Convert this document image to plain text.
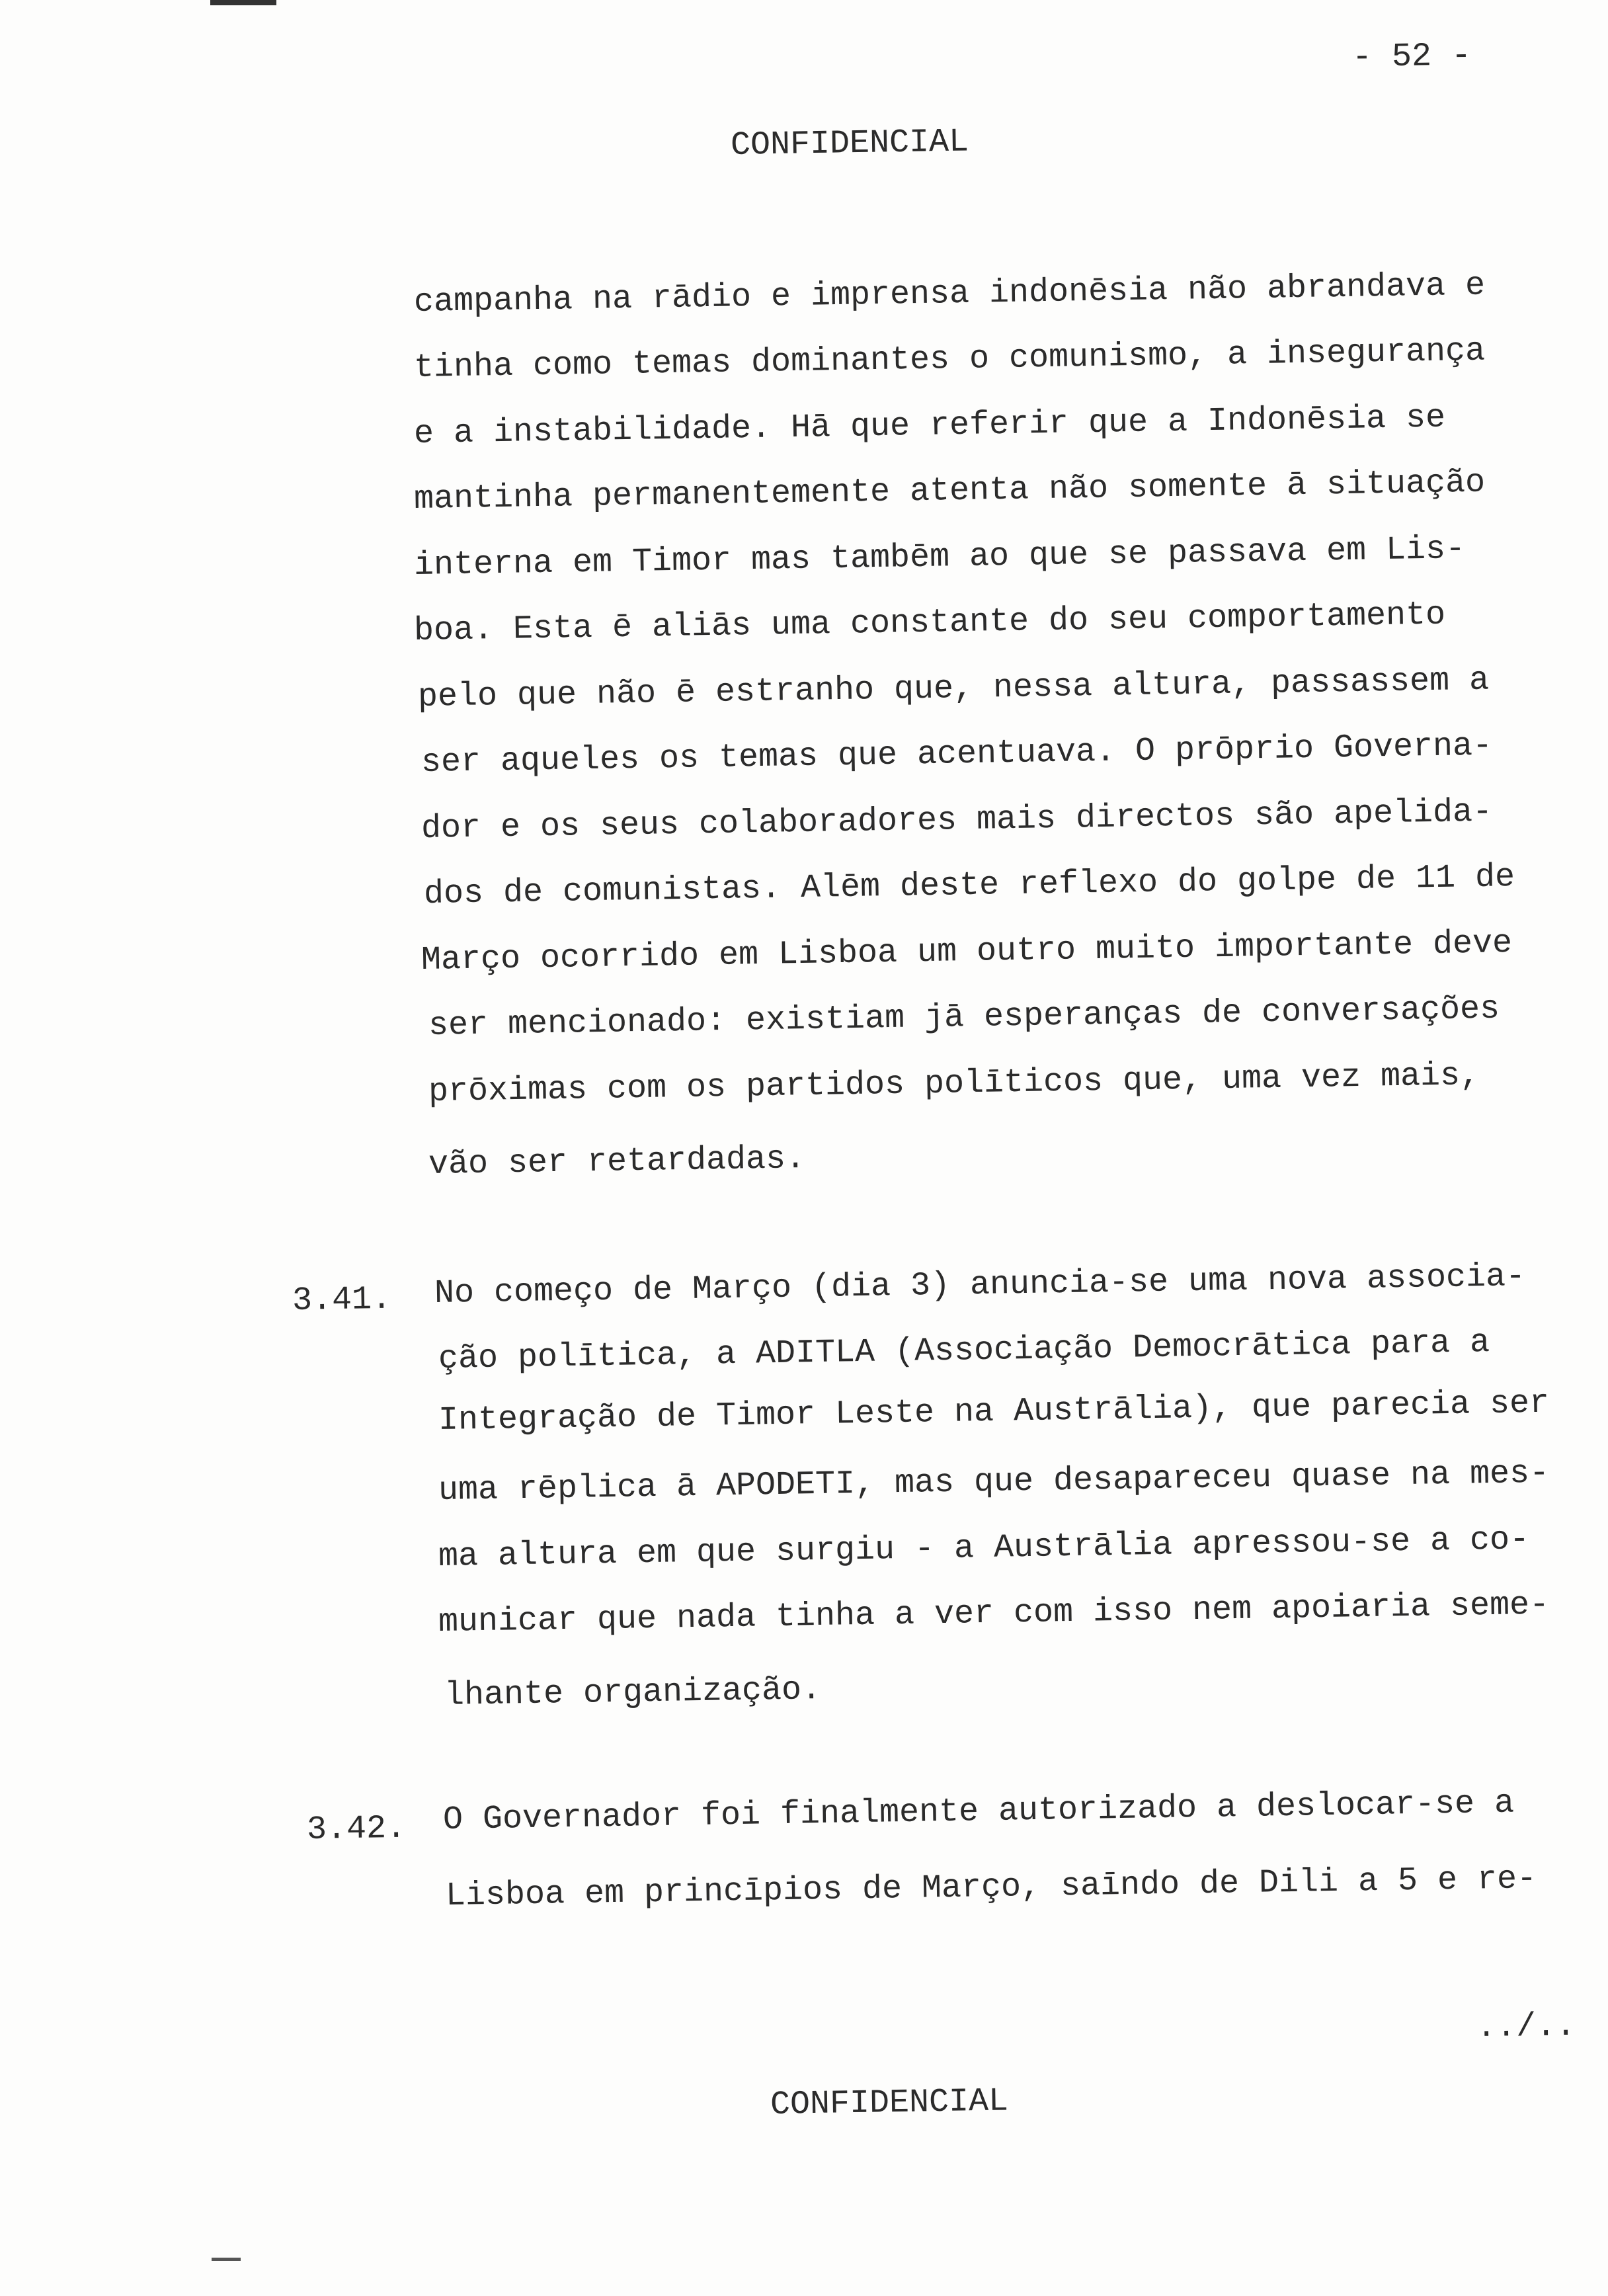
- 52 -
CONFIDENCIAL
campanha na rādio e imprensa indonēsia não abrandava e
tinha como temas dominantes o comunismo, a insegurança
e a instabilidade. Hā que referir que a Indonēsia se
mantinha permanentemente atenta não somente ā situação
interna em Timor mas tambēm ao que se passava em Lis-
boa. Esta ē aliās uma constante do seu comportamento
pelo que não ē estranho que, nessa altura, passassem a
ser aqueles os temas que acentuava. O prōprio Governa-
dor e os seus colaboradores mais directos são apelida-
dos de comunistas. Alēm deste reflexo do golpe de 11 de
Março ocorrido em Lisboa um outro muito importante deve
ser mencionado: existiam jā esperanças de conversações
prōximas com os partidos polīticos que, uma vez mais,
vão ser retardadas.
3.41. No começo de Março (dia 3) anuncia-se uma nova associa-
ção polītica, a ADITLA (Associação Democrātica para a
Integração de Timor Leste na Austrālia), que parecia ser
uma rēplica ā APODETI, mas que desapareceu quase na mes-
ma altura em que surgiu - a Austrālia apressou-se a co-
municar que nada tinha a ver com isso nem apoiaria seme-
lhante organização.
3.42. O Governador foi finalmente autorizado a deslocar-se a
Lisboa em princīpios de Março, saīndo de Dili a 5 e re-
../..
CONFIDENCIAL
